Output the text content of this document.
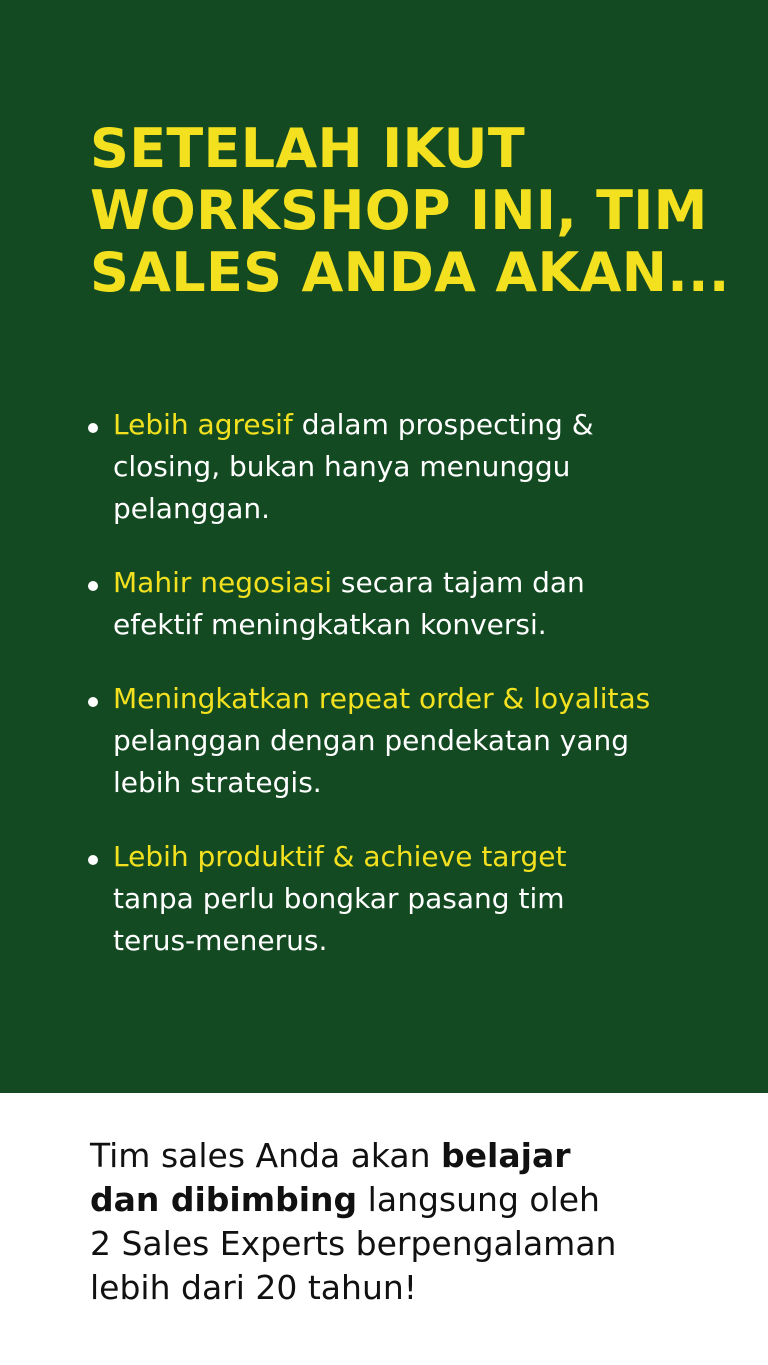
SETELAH IKUT
WORKSHOP INI, TIM
SALES ANDA AKAN...
Lebih agresif dalam prospecting &
closing, bukan hanya menunggu
pelanggan.
Mahir negosiasi secara tajam dan
efektif meningkatkan konversi.
Meningkatkan repeat order & loyalitas
pelanggan dengan pendekatan yang
lebih strategis.
Lebih produktif & achieve target
tanpa perlu bongkar pasang tim
terus-menerus.

Tim sales Anda akan belajar
dan dibimbing langsung oleh
2 Sales Experts berpengalaman
lebih dari 20 tahun!
